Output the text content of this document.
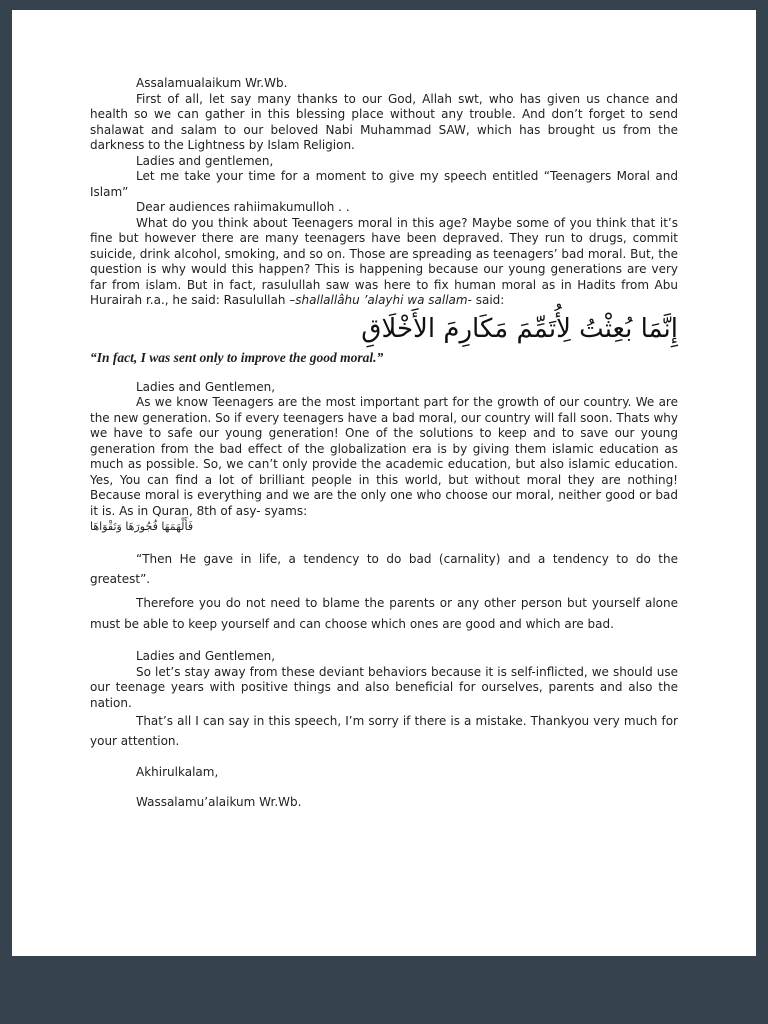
Assalamualaikum Wr.Wb.

First of all, let say many thanks to our God, Allah swt, who has given us chance and health so we can gather in this blessing place without any trouble. And don’t forget to send shalawat and salam to our beloved Nabi Muhammad SAW, which has brought us from the darkness to the Lightness by Islam Religion.

Ladies and gentlemen,

Let me take your time for a moment to give my speech entitled “Teenagers Moral and Islam”

Dear audiences rahiimakumulloh . .

What do you think about Teenagers moral in this age? Maybe some of you think that it’s fine but however there are many teenagers have been depraved. They run to drugs, commit suicide, drink alcohol, smoking, and so on. Those are spreading as teenagers’ bad moral. But, the question is why would this happen? This is happening because our young generations are very far from islam. But in fact, rasulullah saw was here to fix human moral as in Hadits from Abu Hurairah r.a., he said: Rasulullah –shallallâhu ’alayhi wa sallam- said:

إِنَّمَا بُعِثْتُ لِأُتَمِّمَ مَكَارِمَ الأَخْلَاقِ

“In fact, I was sent only to improve the good moral.”

Ladies and Gentlemen,

As we know Teenagers are the most important part for the growth of our country. We are the new generation. So if every teenagers have a bad moral, our country will fall soon. Thats why we have to safe our young generation! One of the solutions to keep and to save our young generation from the bad effect of the globalization era is by giving them islamic education as much as possible. So, we can’t only provide the academic education, but also islamic education. Yes, You can find a lot of brilliant people in this world, but without moral they are nothing! Because moral is everything and we are the only one who choose our moral, neither good or bad it is. As in Quran, 8th of asy- syams:

فَأَلْهَمَهَا فُجُورَهَا وَتَقْوَاهَا

“Then He gave in life, a tendency to do bad (carnality) and a tendency to do the greatest”.

Therefore you do not need to blame the parents or any other person but yourself alone must be able to keep yourself and can choose which ones are good and which are bad.

Ladies and Gentlemen,

So let’s stay away from these deviant behaviors because it is self-inflicted, we should use our teenage years with positive things and also beneficial for ourselves, parents and also the nation.

That’s all I can say in this speech, I’m sorry if there is a mistake. Thankyou very much for your attention.

Akhirulkalam,

Wassalamu’alaikum Wr.Wb.
